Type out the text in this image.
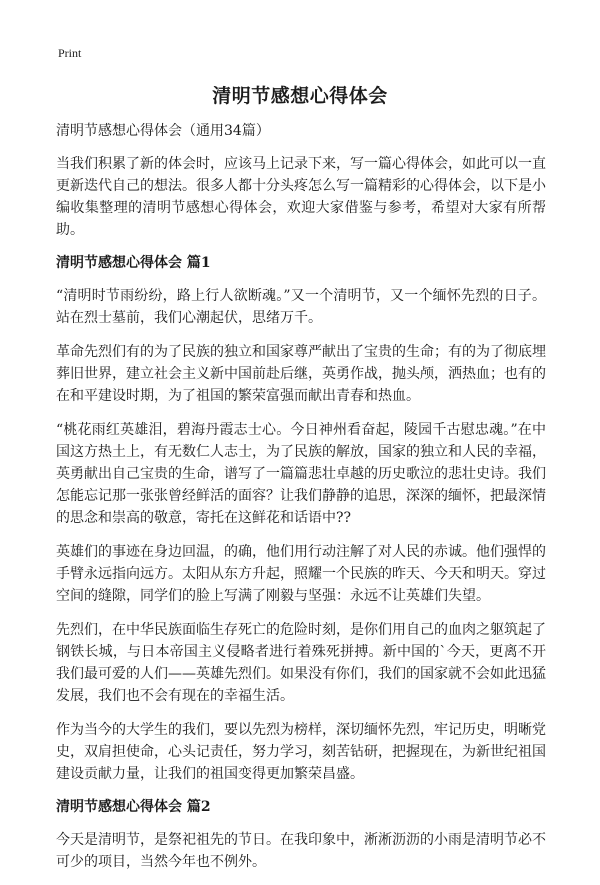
Print
清明节感想心得体会

清明节感想心得体会（通用34篇）

当我们积累了新的体会时，应该马上记录下来，写一篇心得体会，如此可以一直更新迭代自己的想法。很多人都十分头疼怎么写一篇精彩的心得体会，以下是小编收集整理的清明节感想心得体会，欢迎大家借鉴与参考，希望对大家有所帮助。

清明节感想心得体会 篇1

“清明时节雨纷纷，路上行人欲断魂。”又一个清明节，又一个缅怀先烈的日子。站在烈士墓前，我们心潮起伏，思绪万千。

革命先烈们有的为了民族的独立和国家尊严献出了宝贵的生命；有的为了彻底埋葬旧世界，建立社会主义新中国前赴后继，英勇作战，抛头颅，洒热血；也有的在和平建设时期，为了祖国的繁荣富强而献出青春和热血。

“桃花雨红英雄泪，碧海丹霞志士心。今日神州看奋起，陵园千古慰忠魂。”在中国这方热土上，有无数仁人志士，为了民族的解放，国家的独立和人民的幸福，英勇献出自己宝贵的生命，谱写了一篇篇悲壮卓越的历史歌泣的悲壮史诗。我们怎能忘记那一张张曾经鲜活的面容？让我们静静的追思，深深的缅怀，把最深情的思念和崇高的敬意，寄托在这鲜花和话语中??

英雄们的事迹在身边回温，的确，他们用行动注解了对人民的赤诚。他们强悍的手臂永远指向远方。太阳从东方升起，照耀一个民族的昨天、今天和明天。穿过空间的缝隙，同学们的脸上写满了刚毅与坚强：永远不让英雄们失望。

先烈们，在中华民族面临生存死亡的危险时刻，是你们用自己的血肉之躯筑起了钢铁长城，与日本帝国主义侵略者进行着殊死拼搏。新中国的`今天，更离不开我们最可爱的人们——英雄先烈们。如果没有你们，我们的国家就不会如此迅猛发展，我们也不会有现在的幸福生活。

作为当今的大学生的我们，要以先烈为榜样，深切缅怀先烈，牢记历史，明晰党史，双肩担使命，心头记责任，努力学习，刻苦钻研，把握现在，为新世纪祖国建设贡献力量，让我们的祖国变得更加繁荣昌盛。

清明节感想心得体会 篇2

今天是清明节，是祭祀祖先的节日。在我印象中，淅淅沥沥的小雨是清明节必不可少的项目，当然今年也不例外。
